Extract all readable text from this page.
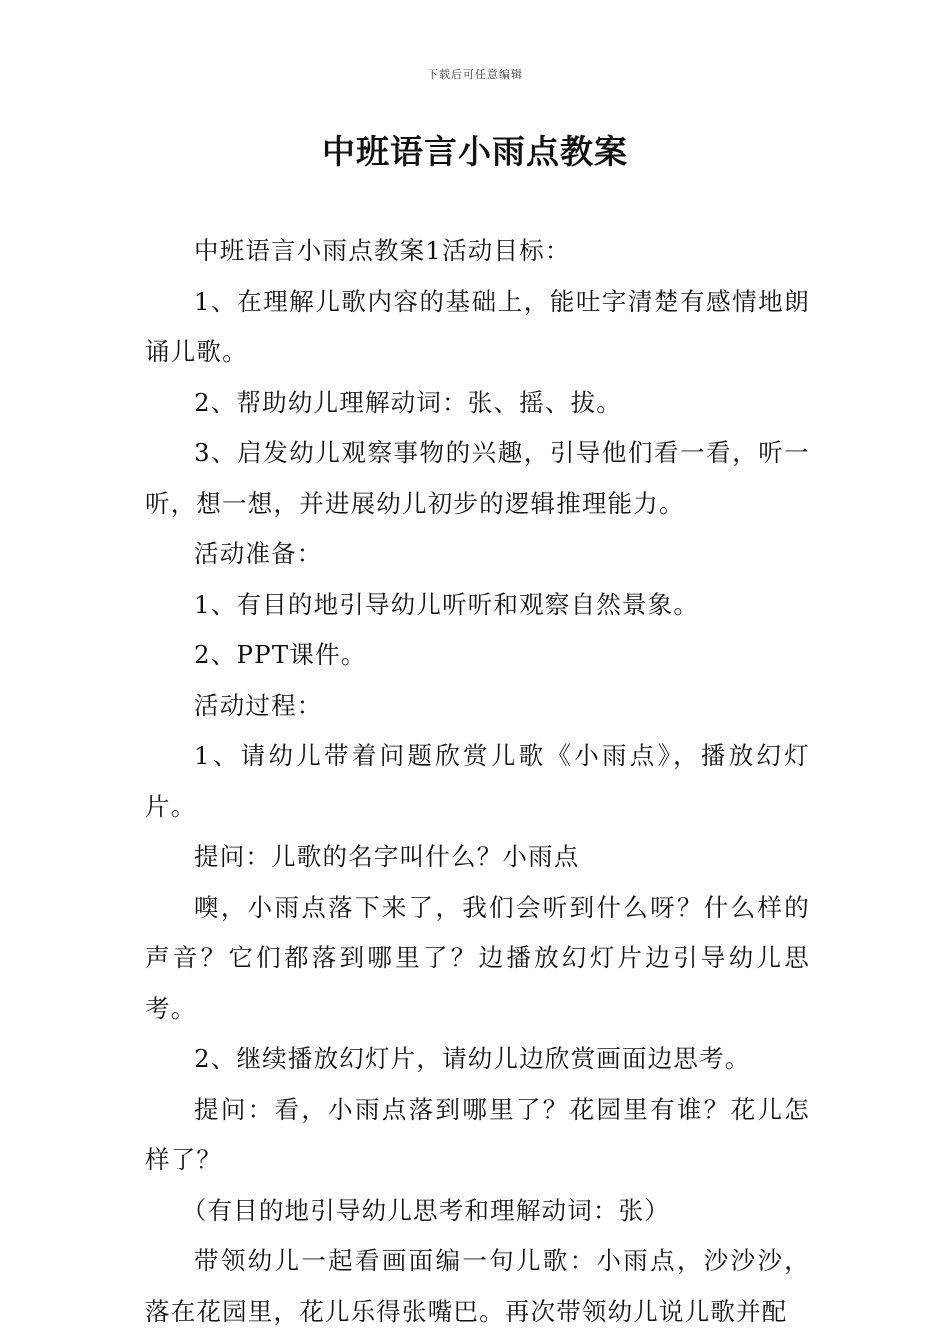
下载后可任意编辑
中班语言小雨点教案

中班语言小雨点教案1活动目标：

1、在理解儿歌内容的基础上，能吐字清楚有感情地朗诵儿歌。

2、帮助幼儿理解动词：张、摇、拔。

3、启发幼儿观察事物的兴趣，引导他们看一看，听一听，想一想，并进展幼儿初步的逻辑推理能力。

活动准备：

1、有目的地引导幼儿听听和观察自然景象。

2、PPT课件。

活动过程：

1、请幼儿带着问题欣赏儿歌《小雨点》，播放幻灯片。

提问：儿歌的名字叫什么？小雨点

噢，小雨点落下来了，我们会听到什么呀？什么样的声音？它们都落到哪里了？边播放幻灯片边引导幼儿思考。

2、继续播放幻灯片，请幼儿边欣赏画面边思考。

提问：看，小雨点落到哪里了？花园里有谁？花儿怎样了？

（有目的地引导幼儿思考和理解动词：张）

带领幼儿一起看画面编一句儿歌：小雨点，沙沙沙，落在花园里，花儿乐得张嘴巴。再次带领幼儿说儿歌并配
